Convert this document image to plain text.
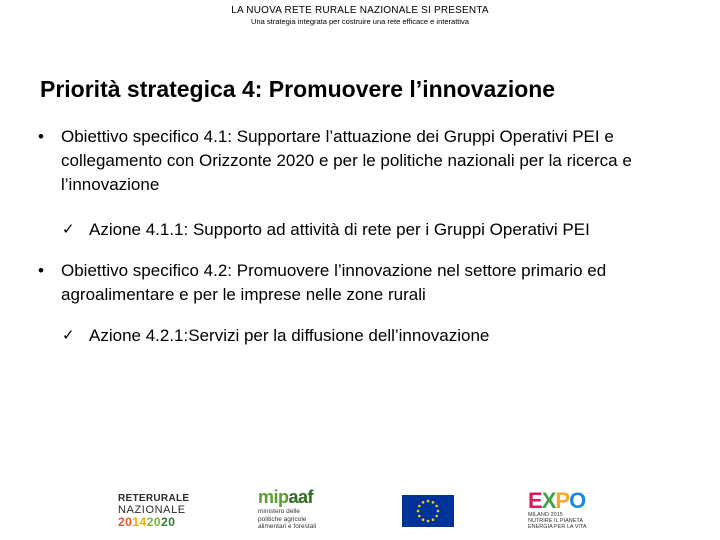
LA NUOVA RETE RURALE NAZIONALE SI PRESENTA
Una strategia integrata per costruire una rete efficace e interattiva
Priorità strategica 4: Promuovere l’innovazione
• Obiettivo specifico 4.1: Supportare l’attuazione dei Gruppi Operativi PEI e collegamento con Orizzonte 2020 e per le politiche nazionali per la ricerca e l’innovazione
✓ Azione 4.1.1: Supporto ad attività di rete per i Gruppi Operativi PEI
• Obiettivo specifico 4.2: Promuovere l’innovazione nel settore primario ed agroalimentare e per le imprese nelle zone rurali
✓ Azione 4.2.1:Servizi per la diffusione dell’innovazione
RETERURALE
NAZIONALE
20142020
mipaaf
ministero delle
politiche agricole
alimentari e forestali
EXPO
MILANO 2015
NUTRIRE IL PIANETA
ENERGIA PER LA VITA
